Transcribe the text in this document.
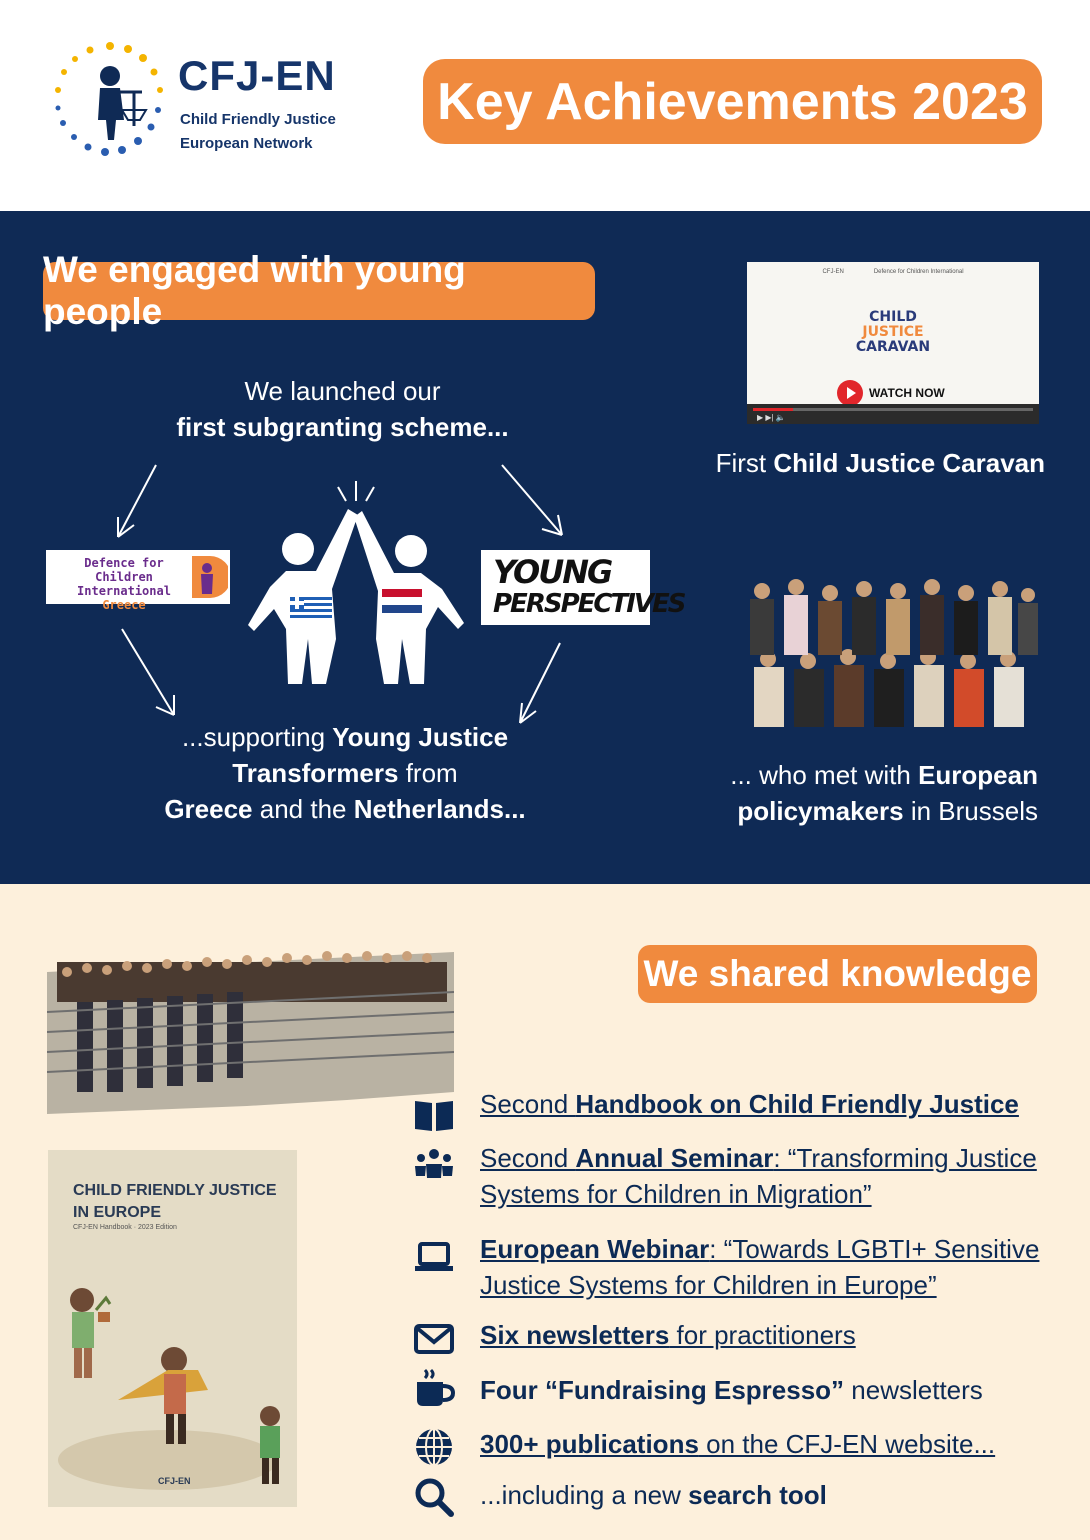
CFJ-EN
Child Friendly Justice
European Network
Key Achievements 2023
We engaged with young people
We launched our
first subgranting scheme...
Defence for Children
International
Greece
YOUNG
PERSPECTIVES
...supporting Young Justice
Transformers from
Greece and the Netherlands...
CFJ-EN	Defence for Children International
CHILD
JUSTICE
CARAVAN
WATCH NOW
▶ ▶| 🔈
First Child Justice Caravan
... who met with European
policymakers in Brussels
We shared knowledge
CHILD FRIENDLY JUSTICE
IN EUROPE
CFJ-EN Handbook · 2023 Edition
CFJ-EN
Second Handbook on Child Friendly Justice
Second Annual Seminar: “Transforming Justice Systems for Children in Migration”
European Webinar: “Towards LGBTI+ Sensitive Justice Systems for Children in Europe”
Six newsletters for practitioners
Four “Fundraising Espresso” newsletters
300+ publications on the CFJ-EN website...
...including a new search tool
